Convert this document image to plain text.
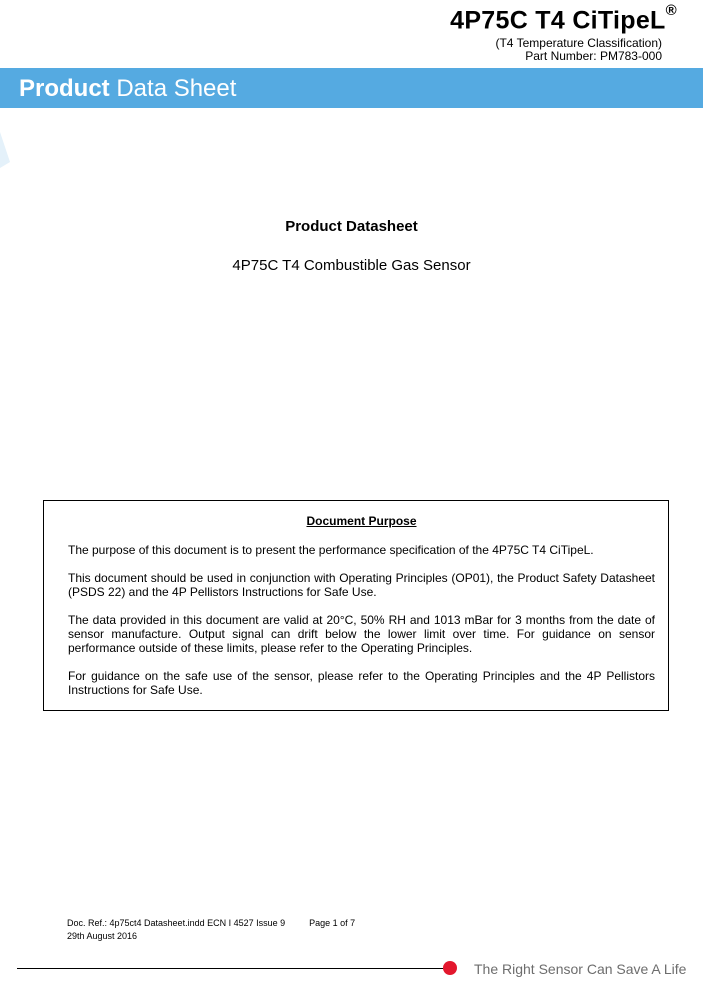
4P75C T4 CiTipeL®
(T4 Temperature Classification)
Part Number: PM783-000
Product Data Sheet
Product Datasheet
4P75C T4 Combustible Gas Sensor
Document Purpose

The purpose of this document is to present the performance specification of the 4P75C T4 CiTipeL.

This document should be used in conjunction with Operating Principles (OP01), the Product Safety Datasheet (PSDS 22) and the 4P Pellistors Instructions for Safe Use.

The data provided in this document are valid at 20°C, 50% RH and 1013 mBar for 3 months from the date of sensor manufacture. Output signal can drift below the lower limit over time. For guidance on sensor performance outside of these limits, please refer to the Operating Principles.

For guidance on the safe use of the sensor, please refer to the Operating Principles and the 4P Pellistors Instructions for Safe Use.

Doc. Ref.: 4p75ct4 Datasheet.indd ECN I 4527 Issue 9	Page 1 of 7
29th August 2016
The Right Sensor Can Save A Life
